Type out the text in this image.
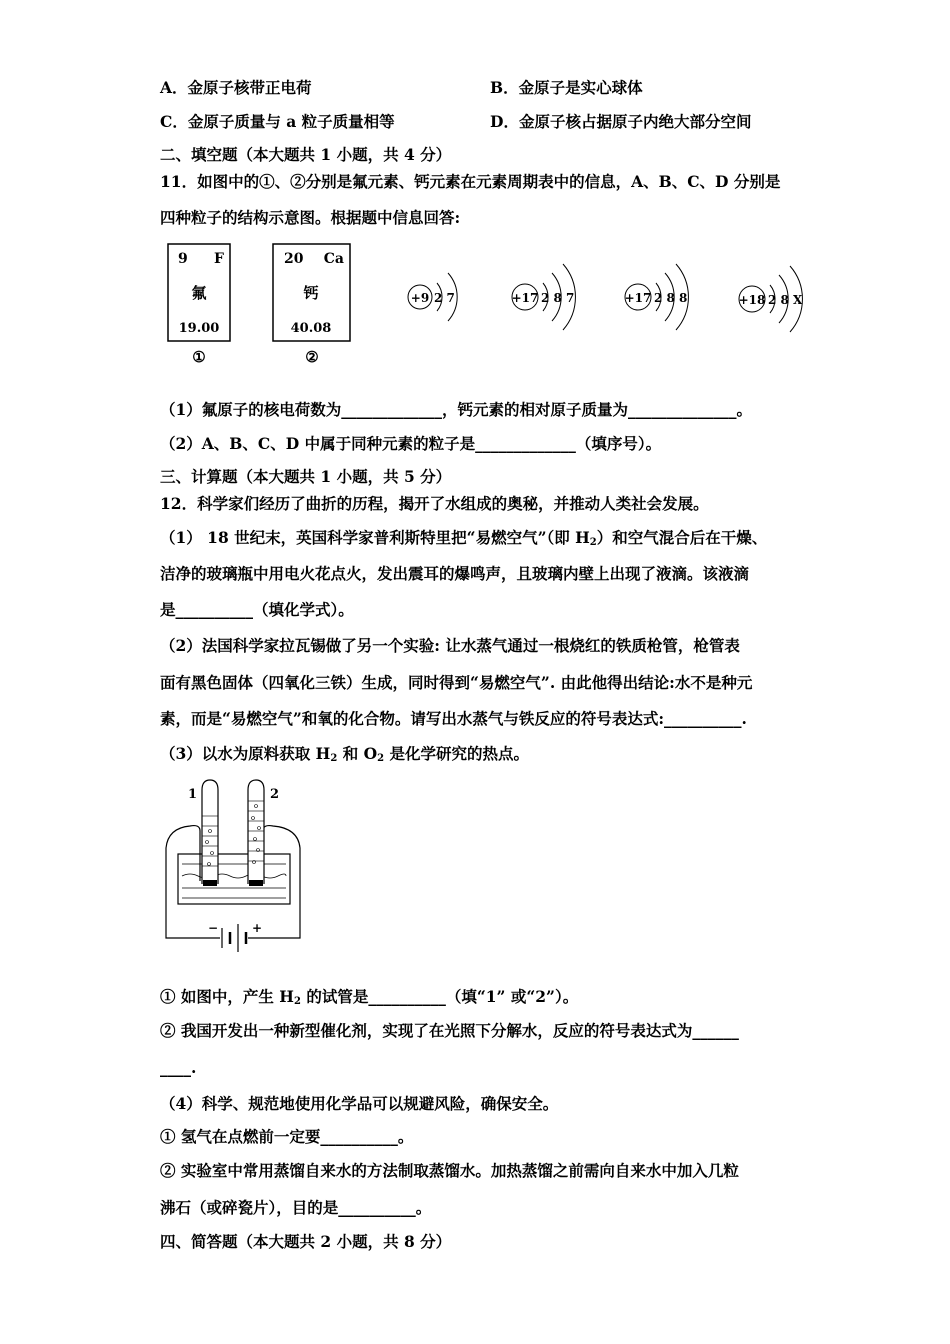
A．金原子核带正电荷	B．金原子是实心球体
C．金原子质量与 a 粒子质量相等	D．金原子核占据原子内绝大部分空间
二、填空题（本大题共 1 小题，共 4 分）
11．如图中的①、②分别是氟元素、钙元素在元素周期表中的信息，A、B、C、D 分别是
四种粒子的结构示意图。根据题中信息回答:
9 F
氟
19.00
①
20 Ca
钙
40.08
②
+9 2 7	+17 2 8 7	+17 2 8 8	+18 2 8 X
（1）氟原子的核电荷数为_____________，钙元素的相对原子质量为______________。
（2）A、B、C、D 中属于同种元素的粒子是_____________（填序号）。
三、计算题（本大题共 1 小题，共 5 分）
12．科学家们经历了曲折的历程，揭开了水组成的奥秘，并推动人类社会发展。
（1） 18 世纪末，英国科学家普利斯特里把“易燃空气”（即 $H_2$）和空气混合后在干燥、
洁净的玻璃瓶中用电火花点火，发出震耳的爆鸣声，且玻璃内壁上出现了液滴。该液滴
是__________（填化学式）。
（2）法国科学家拉瓦锡做了另一个实验: 让水蒸气通过一根烧红的铁质枪管，枪管表
面有黑色固体（四氧化三铁）生成，同时得到“易燃空气”. 由此他得出结论:水不是种元
素，而是“易燃空气”和氧的化合物。请写出水蒸气与铁反应的符号表达式:__________.
（3）以水为原料获取 $H_2$ 和 $O_2$ 是化学研究的热点。
−	+
1	2
① 如图中，产生 $H_2$ 的试管是__________（填“1” 或“2”）。
② 我国开发出一种新型催化剂，实现了在光照下分解水，反应的符号表达式为______
____.
（4）科学、规范地使用化学品可以规避风险，确保安全。
① 氢气在点燃前一定要__________。
② 实验室中常用蒸馏自来水的方法制取蒸馏水。加热蒸馏之前需向自来水中加入几粒
沸石（或碎瓷片），目的是__________。
四、简答题（本大题共 2 小题，共 8 分）
